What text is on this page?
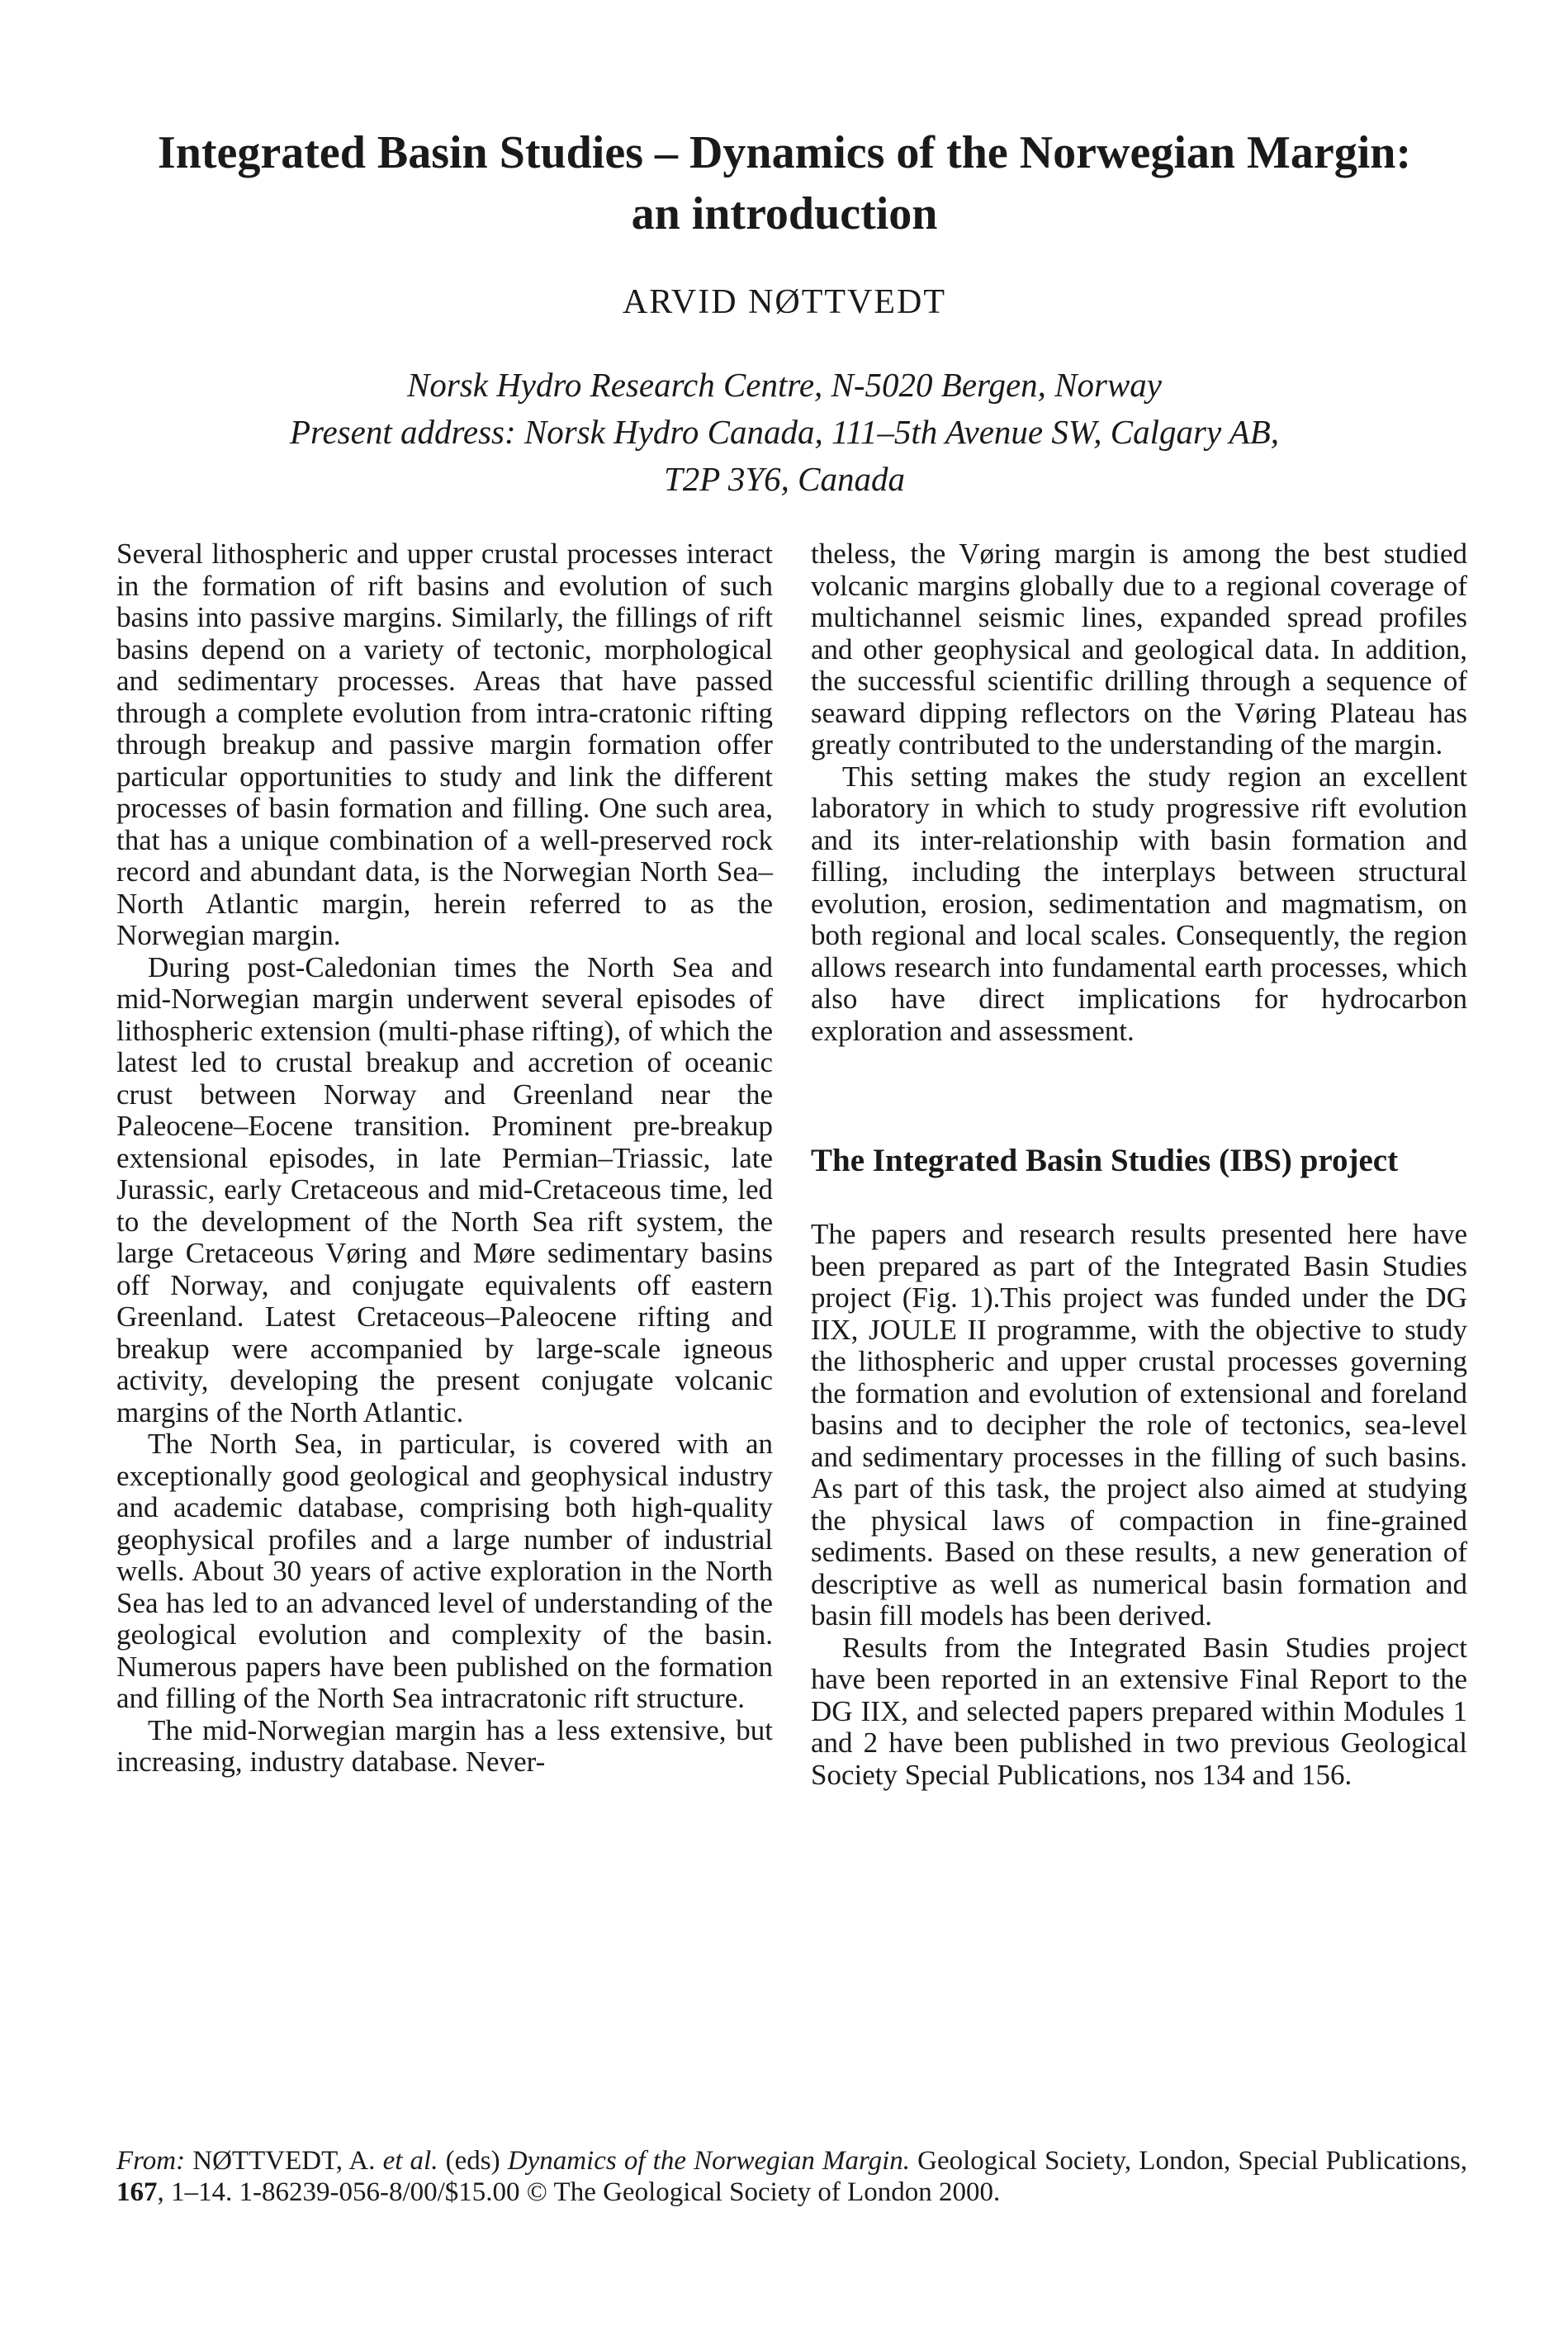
Integrated Basin Studies – Dynamics of the Norwegian Margin:
an introduction
ARVID NØTTVEDT
Norsk Hydro Research Centre, N-5020 Bergen, Norway
Present address: Norsk Hydro Canada, 111–5th Avenue SW, Calgary AB,
T2P 3Y6, Canada

Several lithospheric and upper crustal processes interact in the formation of rift basins and evolution of such basins into passive margins. Similarly, the fillings of rift basins depend on a variety of tectonic, morphological and sedimentary processes. Areas that have passed through a complete evolution from intra-cratonic rifting through breakup and passive margin formation offer particular opportunities to study and link the different processes of basin formation and filling. One such area, that has a unique combination of a well-preserved rock record and abundant data, is the Norwegian North Sea–North Atlantic margin, herein referred to as the Norwegian margin.

During post-Caledonian times the North Sea and mid-Norwegian margin underwent several episodes of lithospheric extension (multi-phase rifting), of which the latest led to crustal breakup and accretion of oceanic crust between Norway and Greenland near the Paleocene–Eocene transition. Prominent pre-breakup extensional episodes, in late Permian–Triassic, late Jurassic, early Cretaceous and mid-Cretaceous time, led to the development of the North Sea rift system, the large Cretaceous Vøring and Møre sedimentary basins off Norway, and conjugate equivalents off eastern Greenland. Latest Cretaceous–Paleocene rifting and breakup were accompanied by large-scale igneous activity, developing the present conjugate volcanic margins of the North Atlantic.

The North Sea, in particular, is covered with an exceptionally good geological and geophysical industry and academic database, comprising both high-quality geophysical profiles and a large number of industrial wells. About 30 years of active exploration in the North Sea has led to an advanced level of understanding of the geological evolution and complexity of the basin. Numerous papers have been published on the formation and filling of the North Sea intracratonic rift structure.

The mid-Norwegian margin has a less extensive, but increasing, industry database. Never-

theless, the Vøring margin is among the best studied volcanic margins globally due to a regional coverage of multichannel seismic lines, expanded spread profiles and other geophysical and geological data. In addition, the successful scientific drilling through a sequence of seaward dipping reflectors on the Vøring Plateau has greatly contributed to the understanding of the margin.

This setting makes the study region an excellent laboratory in which to study progressive rift evolution and its inter-relationship with basin formation and filling, including the interplays between structural evolution, erosion, sedimentation and magmatism, on both regional and local scales. Consequently, the region allows research into fundamental earth processes, which also have direct implications for hydrocarbon exploration and assessment.

The Integrated Basin Studies (IBS) project

The papers and research results presented here have been prepared as part of the Integrated Basin Studies project (Fig. 1).This project was funded under the DG IIX, JOULE II programme, with the objective to study the lithospheric and upper crustal processes governing the formation and evolution of extensional and foreland basins and to decipher the role of tectonics, sea-level and sedimentary processes in the filling of such basins. As part of this task, the project also aimed at studying the physical laws of compaction in fine-grained sediments. Based on these results, a new generation of descriptive as well as numerical basin formation and basin fill models has been derived.

Results from the Integrated Basin Studies project have been reported in an extensive Final Report to the DG IIX, and selected papers prepared within Modules 1 and 2 have been published in two previous Geological Society Special Publications, nos 134 and 156.

From: NØTTVEDT, A. et al. (eds) Dynamics of the Norwegian Margin. Geological Society, London, Special Publications, 167, 1–14. 1-86239-056-8/00/$15.00 © The Geological Society of London 2000.
